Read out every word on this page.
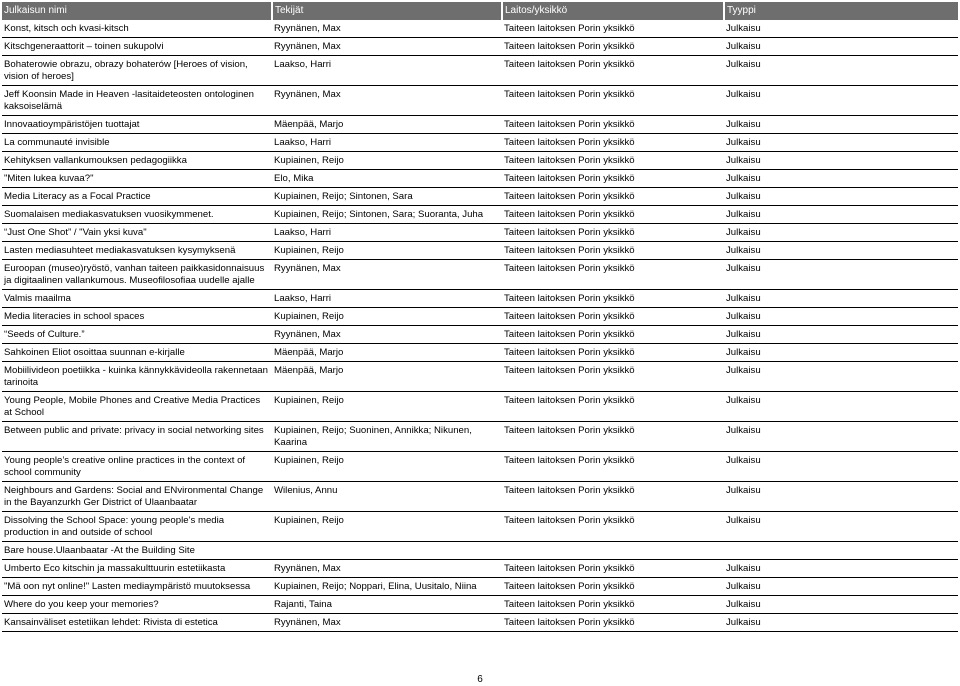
Julkaisun nimi	Tekijät	Laitos/yksikkö	Tyyppi
Konst, kitsch och kvasi-kitsch	Ryynänen, Max	Taiteen laitoksen Porin yksikkö	Julkaisu
Kitschgeneraattorit – toinen sukupolvi	Ryynänen, Max	Taiteen laitoksen Porin yksikkö	Julkaisu
Bohaterowie obrazu, obrazy bohaterów [Heroes of vision, vision of heroes]	Laakso, Harri	Taiteen laitoksen Porin yksikkö	Julkaisu
Jeff Koonsin Made in Heaven -lasitaideteosten ontologinen kaksoiselämä	Ryynänen, Max	Taiteen laitoksen Porin yksikkö	Julkaisu
Innovaatioympäristöjen tuottajat	Mäenpää, Marjo	Taiteen laitoksen Porin yksikkö	Julkaisu
La communauté invisible	Laakso, Harri	Taiteen laitoksen Porin yksikkö	Julkaisu
Kehityksen vallankumouksen pedagogiikka	Kupiainen, Reijo	Taiteen laitoksen Porin yksikkö	Julkaisu
"Miten lukea kuvaa?"	Elo, Mika	Taiteen laitoksen Porin yksikkö	Julkaisu
Media Literacy as a Focal Practice	Kupiainen, Reijo; Sintonen, Sara	Taiteen laitoksen Porin yksikkö	Julkaisu
Suomalaisen mediakasvatuksen vuosikymmenet.	Kupiainen, Reijo; Sintonen, Sara; Suoranta, Juha	Taiteen laitoksen Porin yksikkö	Julkaisu
“Just One Shot” / "Vain yksi kuva"	Laakso, Harri	Taiteen laitoksen Porin yksikkö	Julkaisu
Lasten mediasuhteet mediakasvatuksen kysymyksenä	Kupiainen, Reijo	Taiteen laitoksen Porin yksikkö	Julkaisu
Euroopan (museo)ryöstö, vanhan taiteen paikkasidonnaisuus ja digitaalinen vallankumous. Museofilosofiaa uudelle ajalle	Ryynänen, Max	Taiteen laitoksen Porin yksikkö	Julkaisu
Valmis maailma	Laakso, Harri	Taiteen laitoksen Porin yksikkö	Julkaisu
Media literacies in school spaces	Kupiainen, Reijo	Taiteen laitoksen Porin yksikkö	Julkaisu
“Seeds of Culture.”	Ryynänen, Max	Taiteen laitoksen Porin yksikkö	Julkaisu
Sahkoinen Eliot osoittaa suunnan e-kirjalle	Mäenpää, Marjo	Taiteen laitoksen Porin yksikkö	Julkaisu
Mobiilivideon poetiikka - kuinka kännykkävideolla rakennetaan tarinoita	Mäenpää, Marjo	Taiteen laitoksen Porin yksikkö	Julkaisu
Young People, Mobile Phones and Creative Media Practices at School	Kupiainen, Reijo	Taiteen laitoksen Porin yksikkö	Julkaisu
Between public and private: privacy in social networking sites	Kupiainen, Reijo; Suoninen, Annikka; Nikunen, Kaarina	Taiteen laitoksen Porin yksikkö	Julkaisu
Young people’s creative online practices in the context of school community	Kupiainen, Reijo	Taiteen laitoksen Porin yksikkö	Julkaisu
Neighbours and Gardens: Social and ENvironmental Change in the Bayanzurkh Ger District of Ulaanbaatar	Wilenius, Annu	Taiteen laitoksen Porin yksikkö	Julkaisu
Dissolving the School Space: young people’s media production in and outside of school	Kupiainen, Reijo	Taiteen laitoksen Porin yksikkö	Julkaisu
Bare house.Ulaanbaatar -At the Building Site			
Umberto Eco kitschin ja massakulttuurin estetiikasta	Ryynänen, Max	Taiteen laitoksen Porin yksikkö	Julkaisu
"Mä oon nyt online!" Lasten mediaympäristö muutoksessa	Kupiainen, Reijo; Noppari, Elina, Uusitalo, Niina	Taiteen laitoksen Porin yksikkö	Julkaisu
Where do you keep your memories?	Rajanti, Taina	Taiteen laitoksen Porin yksikkö	Julkaisu
Kansainväliset estetiikan lehdet: Rivista di estetica	Ryynänen, Max	Taiteen laitoksen Porin yksikkö	Julkaisu
6
